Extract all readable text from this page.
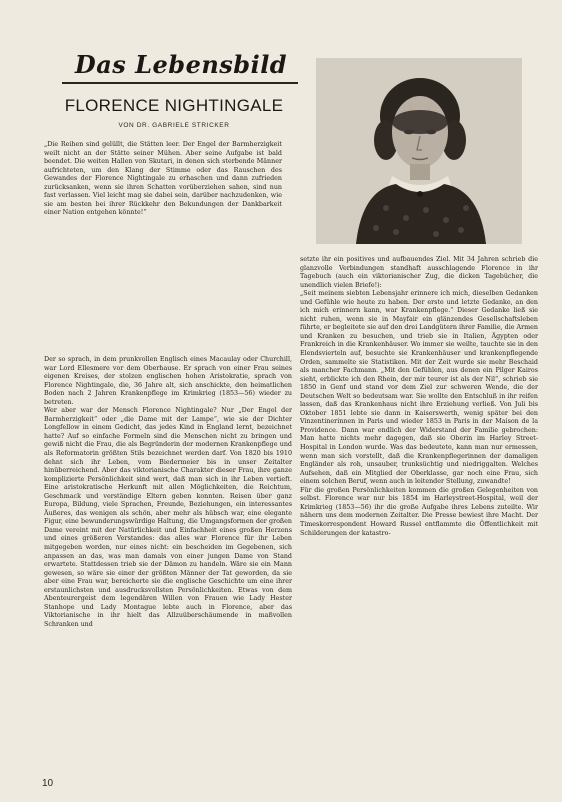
Das Lebensbild
FLORENCE NIGHTINGALE
VON DR. GABRIELE STRICKER

„Die Reihen sind gelüllt, die Stätten leer. Der Engel der Barmherzigkeit weilt nicht an der Stätte seiner Mühen. Aber seine Aufgabe ist bald beendet. Die weiten Hallen von Skutari, in denen sich sterbende Männer aufrichteten, um den Klang der Stimme oder das Rauschen des Gewandes der Florence Nightingale zu erhaschen und dann zufrieden zurücksanken, wenn sie ihren Schatten vorüberziehen sahen, sind nun fast verlassen. Viel leicht mag sie dabei sein, darüber nachzudenken, wie sie am besten bei ihrer Rückkehr den Bekundungen der Dankbarkeit einer Nation entgehen könnte!“

Der so sprach, in dem prunkvollen Englisch eines Macaulay oder Churchill, war Lord Ellesmere vor dem Oberhause. Er sprach von einer Frau seines eigenen Kreises, der stolzen englischen hohen Aristokratie, sprach von Florence Nightingale, die, 36 Jahre alt, sich anschickte, den heimatlichen Boden nach 2 Jahren Krankenpflege im Krimkrieg (1853—56) wieder zu betreten.

Wer aber war der Mensch Florence Nightingale? Nur „Der Engel der Barmherzigkeit“ oder „die Dame mit der Lampe“, wie sie der Dichter Longfellow in einem Gedicht, das jedes Kind in England lernt, bezeichnet hatte? Auf so einfache Formeln sind die Menschen nicht zu bringen und gewiß nicht die Frau, die als Begründerin der modernen Krankenpflege und als Reformatorin größten Stils bezeichnet werden darf. Von 1820 bis 1910 dehnt sich ihr Leben, vom Biedermeier bis in unser Zeitalter hinüberreichend. Aber das viktorianische Charakter dieser Frau, ihre ganze komplizierte Persönlichkeit sind wert, daß man sich in ihr Leben vertieft. Eine aristokratische Herkunft mit allen Möglichkeiten, die Reichtum, Geschmack und verständige Eltern geben konnten. Reisen über ganz Europa, Bildung, viele Sprachen, Freunde, Beziehungen, ein interessantes Äußeres, das wenigen als schön, aber mehr als hübsch war, eine elegante Figur, eine bewunderungswürdige Haltung, die Umgangsformen der großen Dame vereint mit der Natürlichkeit und Einfachheit eines großen Herzens und eines größeren Verstandes: das alles war Florence für ihr Leben mitgegeben worden, nur eines nicht: ein bescheiden im Gegebenen, sich anpassen an das, was man damals von einer jungen Dame von Stand erwartete. Stattdessen trieb sie der Dämon zu handeln. Wäre sie ein Mann gewesen, so wäre sie einer der größten Männer der Tat geworden, da sie aber eine Frau war, bereicherte sie die englische Geschichte um eine ihrer erstaunlichsten und ausdrucksvollsten Persönlichkeiten. Etwas von dem Abenteurergeist dem legendären Willen von Frauen wie Lady Hester Stanhope und Lady Montague lebte auch in Florence, aber das Viktorianische in ihr hielt das Allzuüberschäumende in maßvollen Schranken und

setzte ihr ein positives und aufbauendes Ziel. Mit 34 Jahren schrieb die glanzvolle Verbindungen standhaft ausschlagende Florence in ihr Tagebuch (auch ein viktorianischer Zug, die dicken Tagebücher, die unendlich vielen Briefe!):

„Seit meinem siebten Lebensjahr erinnere ich mich, dieselben Gedanken und Gefühle wie heute zu haben. Der erste und letzte Gedanke, an den ich mich erinnern kann, war Krankenpflege.“ Dieser Gedanke ließ sie nicht ruhen, wenn sie in Mayfair ein glänzendes Gesellschaftsleben führte, er begleitete sie auf den drei Landgütern ihrer Familie, die Armen und Kranken zu besuchen, und trieb sie in Italien, Ägypten oder Frankreich in die Krankenhäuser. Wo immer sie weilte, tauchte sie in den Elendsvierteln auf, besuchte sie Krankenhäuser und krankenpflegende Orden, sammelte sie Statistiken. Mit der Zeit wurde sie mehr Beschaid als mancher Fachmann. „Mit den Gefühlen, aus denen ein Pilger Kairos sieht, erblickte ich den Rhein, der mir teurer ist als der Nil“, schrieb sie 1850 in Genf und stand vor dem Ziel zur schweren Wende, die der Deutschen Welt so bedeutsam war. Sie wollte den Entschluß in ihr reifen lassen, daß das Krankenhaus nicht ihre Erziehung verließ. Von Juli bis Oktober 1851 lebte sie dann in Kaiserswerth, wenig später bei den Vinzentinerinnen in Paris und wieder 1853 in Paris in der Maison de la Providence. Dann war endlich der Widerstand der Familie gebrochen: Man hatte nichts mehr dagegen, daß sie Oberin im Harley Street-Hospital in London wurde. Was das bedeutete, kann man nur ermessen, wenn man sich vorstellt, daß die Krankenpflegerinnen der damaligen Engländer als roh, unsauber, trunksüchtig und niedriggalten. Welches Aufsehen, daß ein Mitglied der Oberklasse, gar noch eine Frau, sich einem solchen Beruf, wenn auch in leitender Stellung, zuwandte!

Für die großen Persönlichkeiten kommen die großen Gelegenheiten von selbst. Florence war nur bis 1854 im Harleystreet-Hospital, weil der Krimkrieg (1853—56) ihr die große Aufgabe ihres Lebens zuteilte. Wir nähern uns dem modernen Zeitalter. Die Presse bewiest ihre Macht. Der Timeskorrespondent Howard Russel entflammte die Öffentlichkeit mit Schilderungen der katastro-

10
